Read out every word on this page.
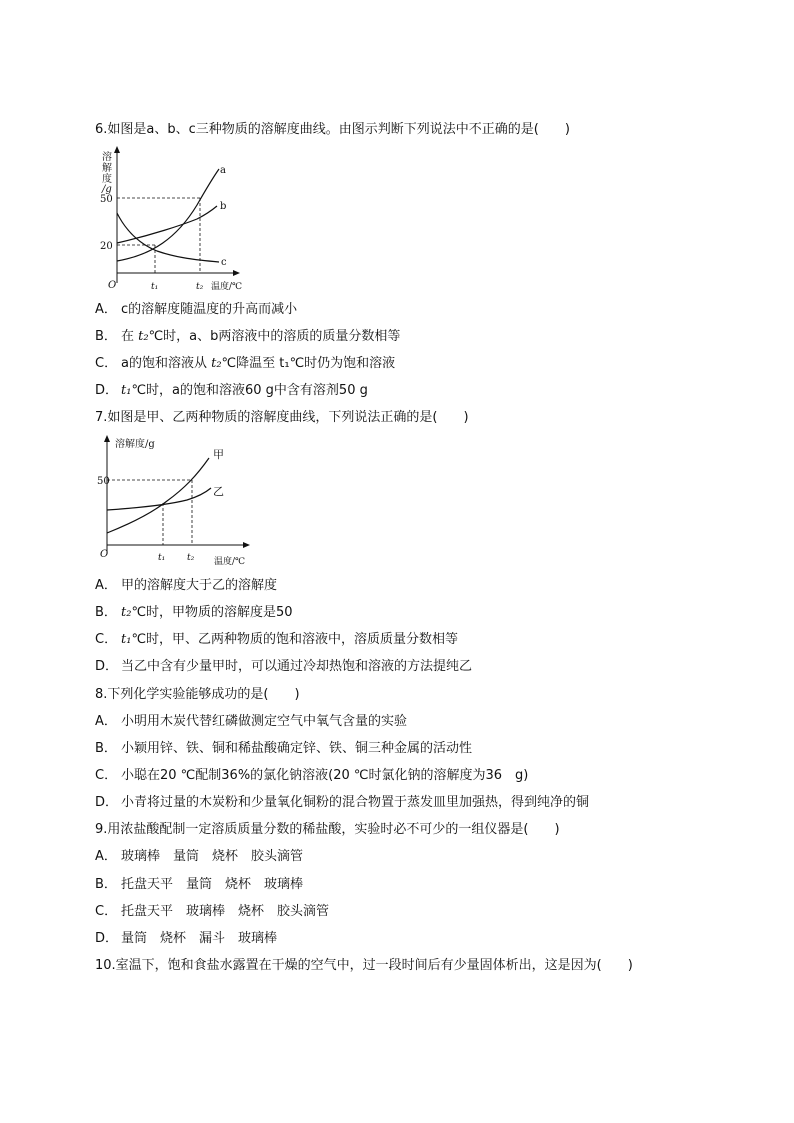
6.如图是a、b、c三种物质的溶解度曲线。由图示判断下列说法中不正确的是(　　)
溶
解
度
/g
50
20
O	t₁	t₂ 温度/℃
a
b
c
A． c的溶解度随温度的升高而减小
B． 在 t₂℃时，a、b两溶液中的溶质的质量分数相等
C． a的饱和溶液从 t₂℃降温至 t₁℃时仍为饱和溶液
D． t₁℃时，a的饱和溶液60 g中含有溶剂50 g
7.如图是甲、乙两种物质的溶解度曲线，下列说法正确的是(　　)
溶解度/g
50
O	t₁ t₂ 温度/℃
甲
乙
A． 甲的溶解度大于乙的溶解度
B． t₂℃时，甲物质的溶解度是50
C． t₁℃时，甲、乙两种物质的饱和溶液中，溶质质量分数相等
D． 当乙中含有少量甲时，可以通过冷却热饱和溶液的方法提纯乙
8.下列化学实验能够成功的是(　　)
A． 小明用木炭代替红磷做测定空气中氧气含量的实验
B． 小颖用锌、铁、铜和稀盐酸确定锌、铁、铜三种金属的活动性
C． 小聪在20 ℃配制36%的氯化钠溶液(20 ℃时氯化钠的溶解度为36　g)
D． 小青将过量的木炭粉和少量氧化铜粉的混合物置于蒸发皿里加强热，得到纯净的铜
9.用浓盐酸配制一定溶质质量分数的稀盐酸，实验时必不可少的一组仪器是(　　)
A． 玻璃棒　量筒　烧杯　胶头滴管
B． 托盘天平　量筒　烧杯　玻璃棒
C． 托盘天平　玻璃棒　烧杯　胶头滴管
D． 量筒　烧杯　漏斗　玻璃棒
10.室温下，饱和食盐水露置在干燥的空气中，过一段时间后有少量固体析出，这是因为(　　)
